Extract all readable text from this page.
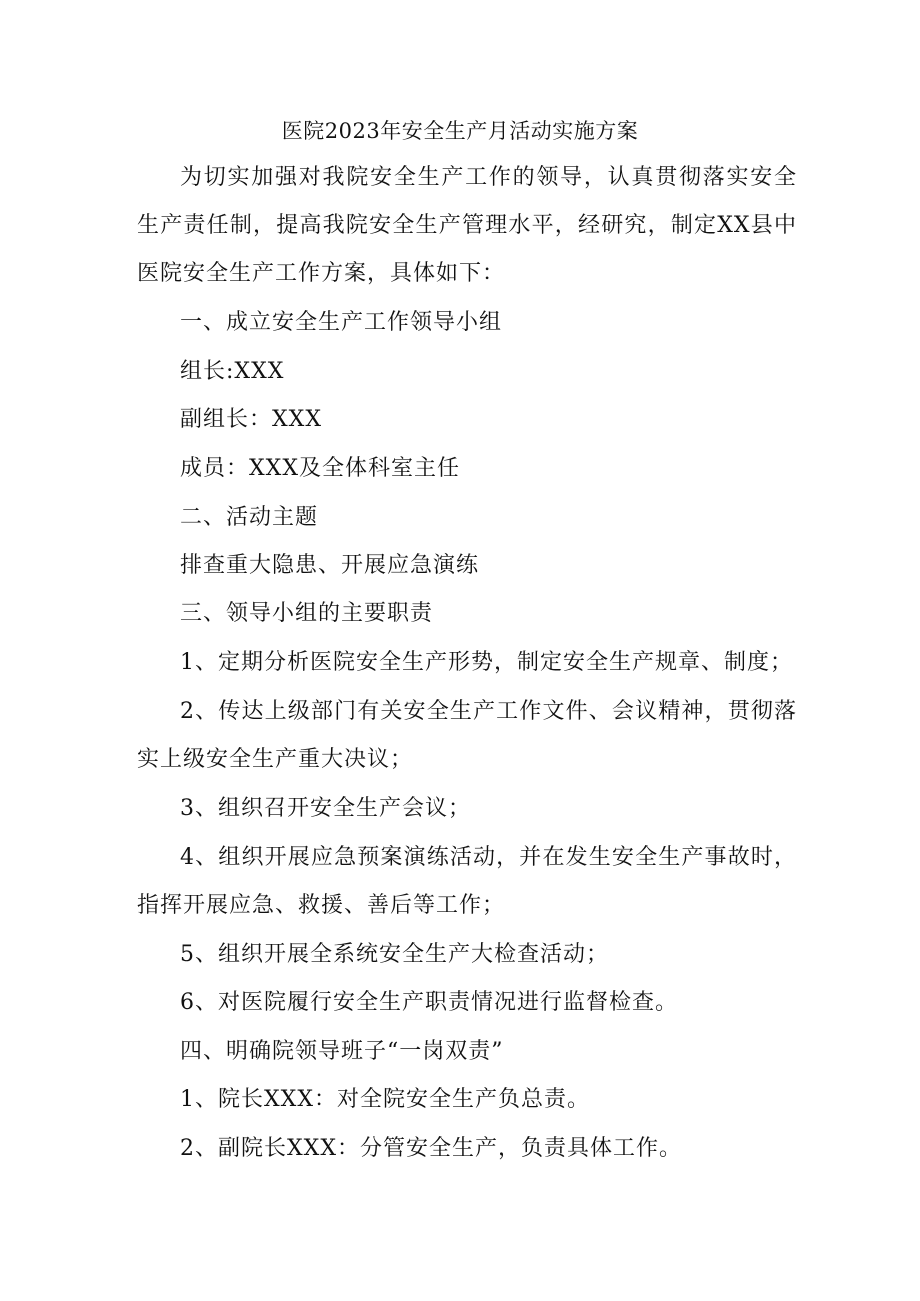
医院2023年安全生产月活动实施方案
为切实加强对我院安全生产工作的领导，认真贯彻落实安全
生产责任制，提高我院安全生产管理水平，经研究，制定XX县中
医院安全生产工作方案，具体如下：
一、成立安全生产工作领导小组
组长:XXX
副组长：XXX
成员：XXX及全体科室主任
二、活动主题
排查重大隐患、开展应急演练
三、领导小组的主要职责
1、定期分析医院安全生产形势，制定安全生产规章、制度；
2、传达上级部门有关安全生产工作文件、会议精神，贯彻落
实上级安全生产重大决议；
3、组织召开安全生产会议；
4、组织开展应急预案演练活动，并在发生安全生产事故时，
指挥开展应急、救援、善后等工作；
5、组织开展全系统安全生产大检查活动；
6、对医院履行安全生产职责情况进行监督检查。
四、明确院领导班子“一岗双责”
1、院长XXX：对全院安全生产负总责。
2、副院长XXX：分管安全生产，负责具体工作。
